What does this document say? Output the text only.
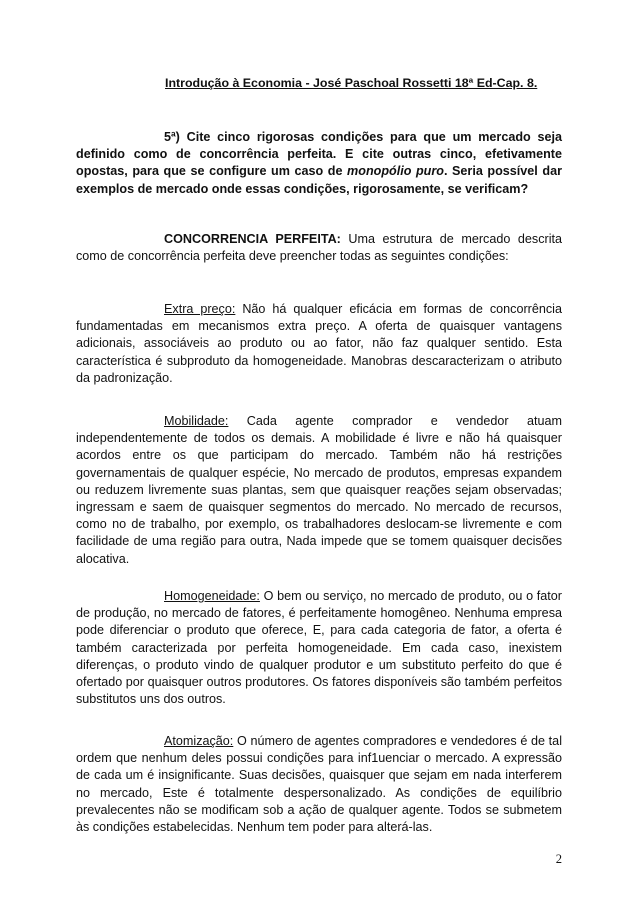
Introdução à Economia - José Paschoal Rossetti 18ª Ed-Cap. 8.
5ª) Cite cinco rigorosas condições para que um mercado seja definido como de concorrência perfeita. E cite outras cinco, efetivamente opostas, para que se configure um caso de monopólio puro. Seria possível dar exemplos de mercado onde essas condições, rigorosamente, se verificam?
CONCORRENCIA PERFEITA: Uma estrutura de mercado descrita como de concorrência perfeita deve preencher todas as seguintes condições:
Extra preço: Não há qualquer eficácia em formas de concorrência fundamentadas em mecanismos extra preço. A oferta de quaisquer vantagens adicionais, associáveis ao produto ou ao fator, não faz qualquer sentido. Esta característica é subproduto da homogeneidade. Manobras descaracterizam o atributo da padronização.
Mobilidade: Cada agente comprador e vendedor atuam independentemente de todos os demais. A mobilidade é livre e não há quaisquer acordos entre os que participam do mercado. Também não há restrições governamentais de qualquer espécie, No mercado de produtos, empresas expandem ou reduzem livremente suas plantas, sem que quaisquer reações sejam observadas; ingressam e saem de quaisquer segmentos do mercado. No mercado de recursos, como no de trabalho, por exemplo, os trabalhadores deslocam-se livremente e com facilidade de uma região para outra, Nada impede que se tomem quaisquer decisões alocativa.
Homogeneidade: O bem ou serviço, no mercado de produto, ou o fator de produção, no mercado de fatores, é perfeitamente homogêneo. Nenhuma empresa pode diferenciar o produto que oferece, E, para cada categoria de fator, a oferta é também caracterizada por perfeita homogeneidade. Em cada caso, inexistem diferenças, o produto vindo de qualquer produtor e um substituto perfeito do que é ofertado por quaisquer outros produtores. Os fatores disponíveis são também perfeitos substitutos uns dos outros.
Atomização: O número de agentes compradores e vendedores é de tal ordem que nenhum deles possui condições para inf1uenciar o mercado. A expressão de cada um é insignificante. Suas decisões, quaisquer que sejam em nada interferem no mercado, Este é totalmente despersonalizado. As condições de equilíbrio prevalecentes não se modificam sob a ação de qualquer agente. Todos se submetem às condições estabelecidas. Nenhum tem poder para alterá-las.
2
